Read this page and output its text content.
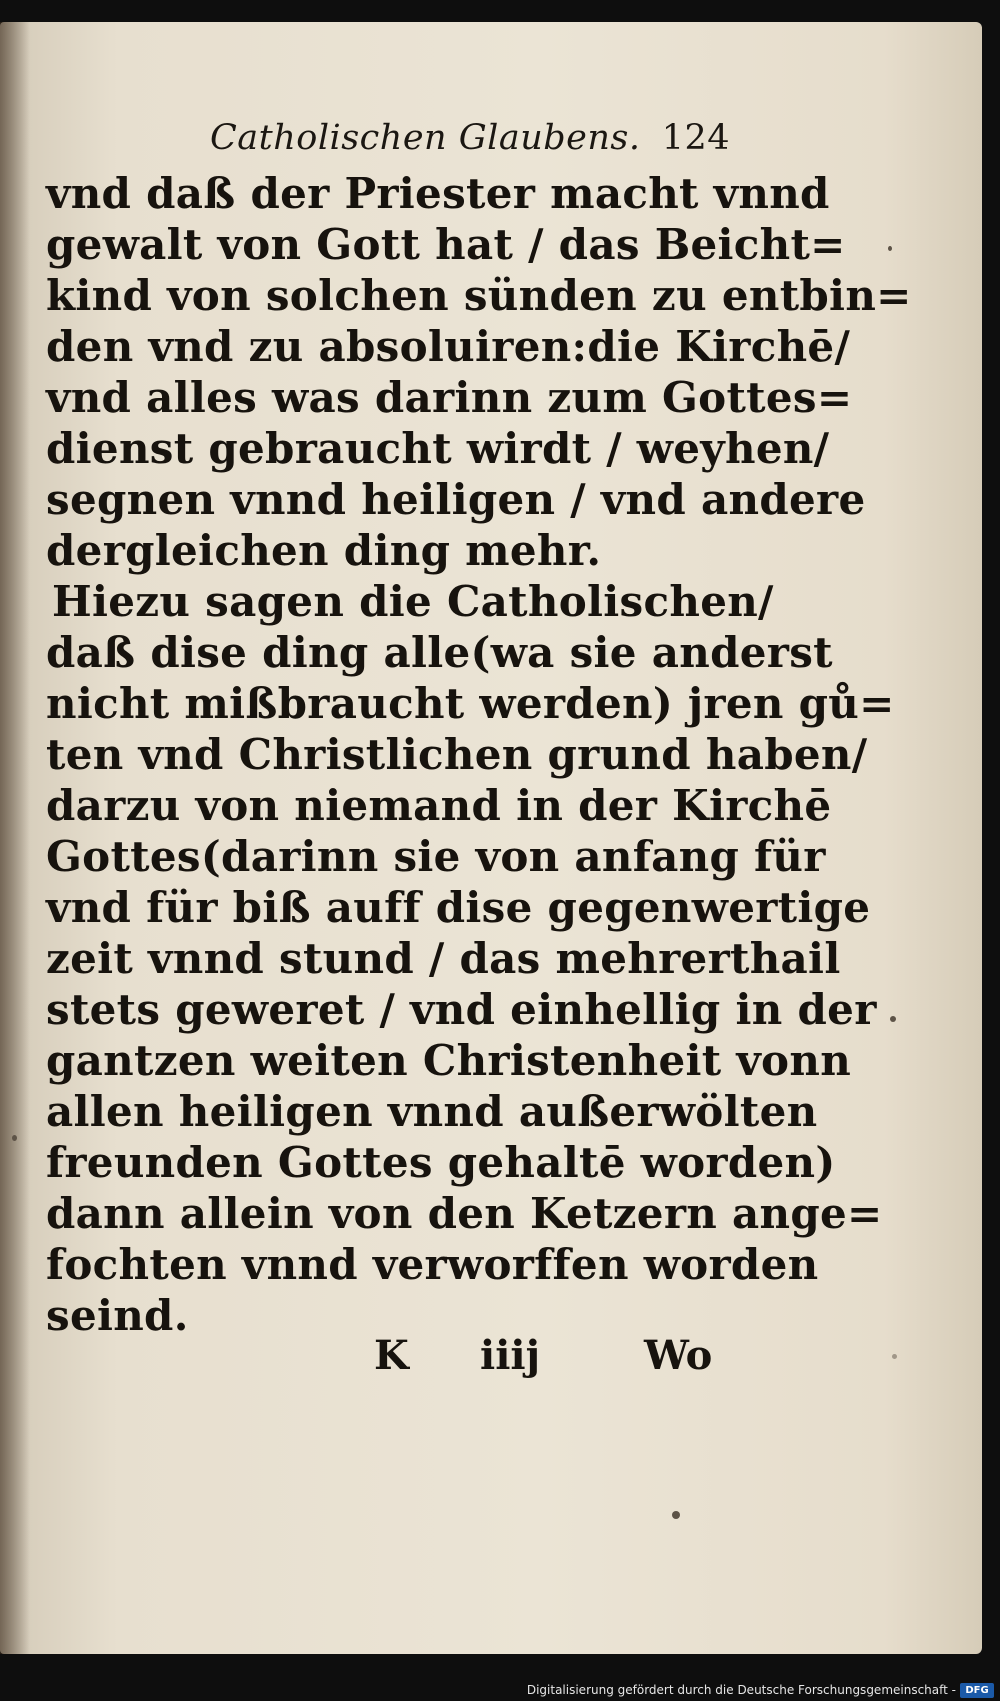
Catholischen Glaubens. 124
vnd daß der Priester macht vnnd
gewalt von Gott hat / das Beicht=
kind von solchen sünden zu entbin=
den vnd zu absoluiren:die Kirchē/
vnd alles was darinn zum Gottes=
dienst gebraucht wirdt / weyhen/
segnen vnnd heiligen / vnd andere
dergleichen ding mehr.
Hiezu sagen die Catholischen/
daß dise ding alle(wa sie anderst
nicht mißbraucht werden) jren gů=
ten vnd Christlichen grund haben/
darzu von niemand in der Kirchē
Gottes(darinn sie von anfang für
vnd für biß auff dise gegenwertige
zeit vnnd stund / das mehrerthail
stets geweret / vnd einhellig in der
gantzen weiten Christenheit vonn
allen heiligen vnnd außerwölten
freunden Gottes gehaltē worden)
dann allein von den Ketzern ange=
fochten vnnd verworffen worden
seind.
K iiij	Wo
Digitalisierung gefördert durch die Deutsche Forschungsgemeinschaft - DFG
